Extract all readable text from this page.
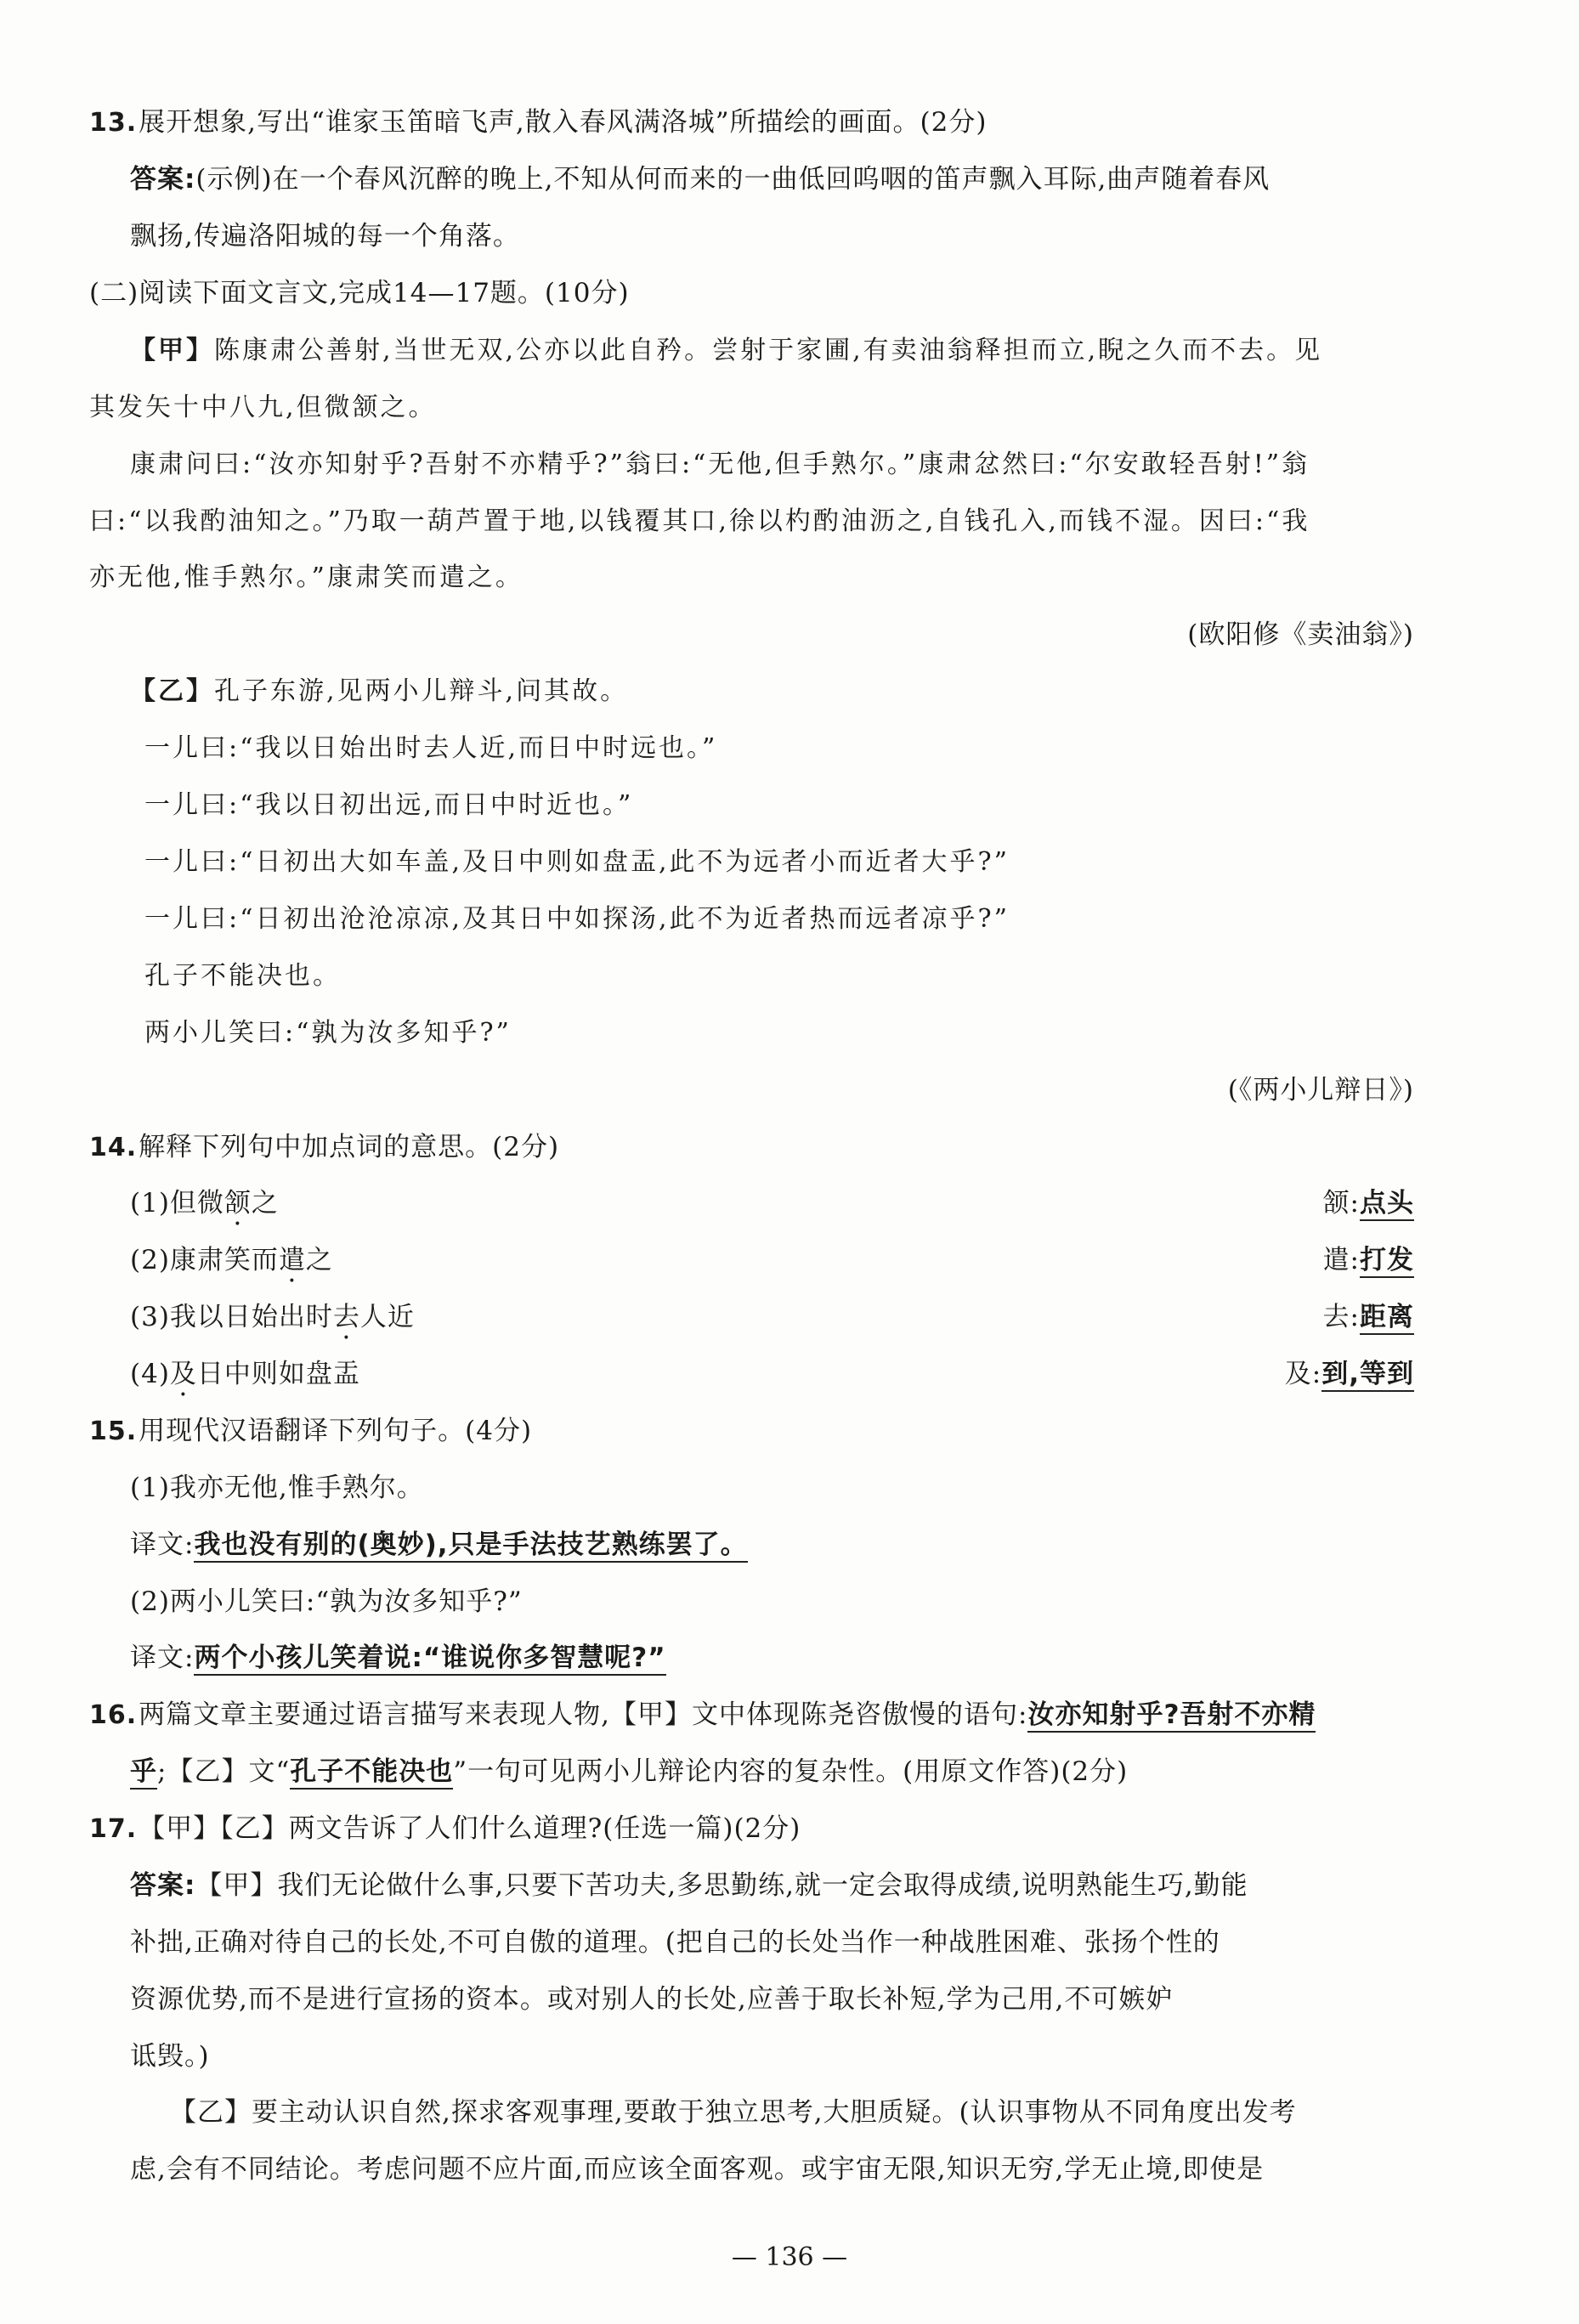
13.展开想象,写出“谁家玉笛暗飞声,散入春风满洛城”所描绘的画面。(2分)
答案:(示例)在一个春风沉醉的晚上,不知从何而来的一曲低回呜咽的笛声飘入耳际,曲声随着春风
飘扬,传遍洛阳城的每一个角落。
(二)阅读下面文言文,完成14—17题。(10分)
【甲】陈康肃公善射,当世无双,公亦以此自矜。尝射于家圃,有卖油翁释担而立,睨之久而不去。见
其发矢十中八九,但微颔之。
康肃问曰:“汝亦知射乎?吾射不亦精乎?”翁曰:“无他,但手熟尔。”康肃忿然曰:“尔安敢轻吾射!”翁
曰:“以我酌油知之。”乃取一葫芦置于地,以钱覆其口,徐以杓酌油沥之,自钱孔入,而钱不湿。因曰:“我
亦无他,惟手熟尔。”康肃笑而遣之。
(欧阳修《卖油翁》)
【乙】孔子东游,见两小儿辩斗,问其故。
一儿曰:“我以日始出时去人近,而日中时远也。”
一儿曰:“我以日初出远,而日中时近也。”
一儿曰:“日初出大如车盖,及日中则如盘盂,此不为远者小而近者大乎?”
一儿曰:“日初出沧沧凉凉,及其日中如探汤,此不为近者热而远者凉乎?”
孔子不能决也。
两小儿笑曰:“孰为汝多知乎?”
(《两小儿辩日》)
14.解释下列句中加点词的意思。(2分)
(1)但微颔之	颔:点头
(2)康肃笑而遣之	遣:打发
(3)我以日始出时去人近	去:距离
(4)及日中则如盘盂	及:到,等到
15.用现代汉语翻译下列句子。(4分)
(1)我亦无他,惟手熟尔。
译文:我也没有别的(奥妙),只是手法技艺熟练罢了。
(2)两小儿笑曰:“孰为汝多知乎?”
译文:两个小孩儿笑着说:“谁说你多智慧呢?”
16.两篇文章主要通过语言描写来表现人物,【甲】文中体现陈尧咨傲慢的语句:汝亦知射乎?吾射不亦精
乎;【乙】文“孔子不能决也”一句可见两小儿辩论内容的复杂性。(用原文作答)(2分)
17.【甲】【乙】两文告诉了人们什么道理?(任选一篇)(2分)
答案:【甲】我们无论做什么事,只要下苦功夫,多思勤练,就一定会取得成绩,说明熟能生巧,勤能
补拙,正确对待自己的长处,不可自傲的道理。(把自己的长处当作一种战胜困难、张扬个性的
资源优势,而不是进行宣扬的资本。或对别人的长处,应善于取长补短,学为己用,不可嫉妒
诋毁。)
【乙】要主动认识自然,探求客观事理,要敢于独立思考,大胆质疑。(认识事物从不同角度出发考
虑,会有不同结论。考虑问题不应片面,而应该全面客观。或宇宙无限,知识无穷,学无止境,即使是
— 136 —
